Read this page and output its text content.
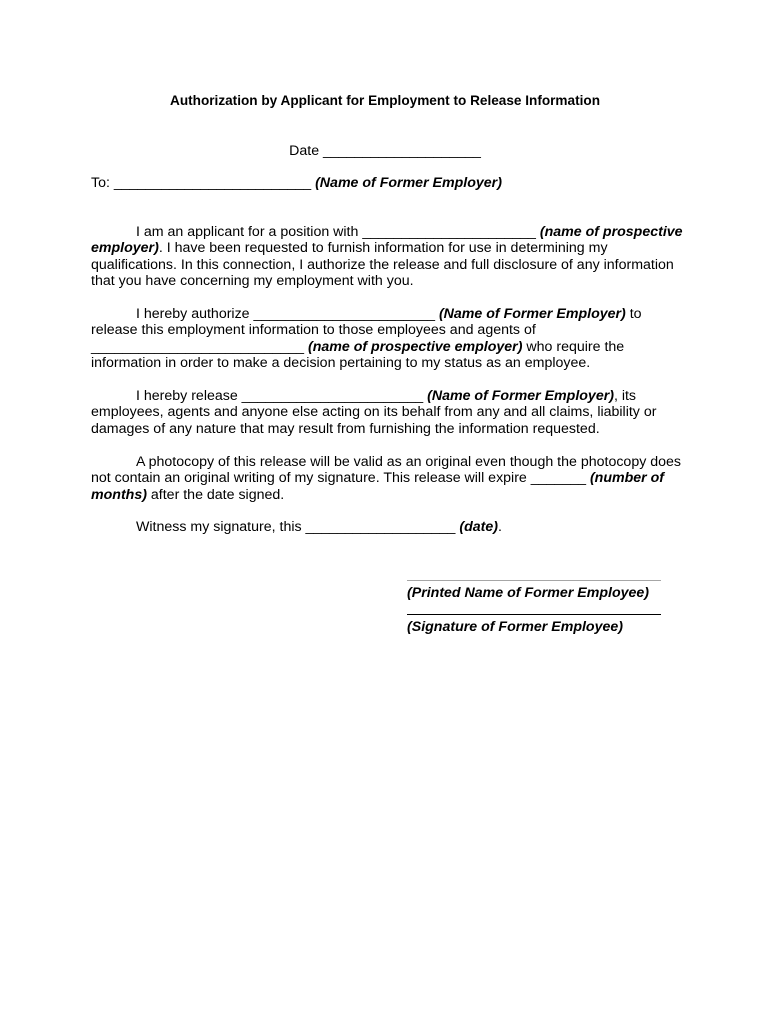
Authorization by Applicant for Employment to Release Information

Date ____________________

To: _________________________ (Name of Former Employer)

I am an applicant for a position with ______________________ (name of prospective employer). I have been requested to furnish information for use in determining my qualifications. In this connection, I authorize the release and full disclosure of any information that you have concerning my employment with you.

I hereby authorize _______________________ (Name of Former Employer) to release this employment information to those employees and agents of ___________________________ (name of prospective employer) who require the information in order to make a decision pertaining to my status as an employee.

I hereby release _______________________ (Name of Former Employer), its employees, agents and anyone else acting on its behalf from any and all claims, liability or damages of any nature that may result from furnishing the information requested.

A photocopy of this release will be valid as an original even though the photocopy does not contain an original writing of my signature. This release will expire _______ (number of months) after the date signed.

Witness my signature, this ___________________ (date).

(Printed Name of Former Employee)

(Signature of Former Employee)
